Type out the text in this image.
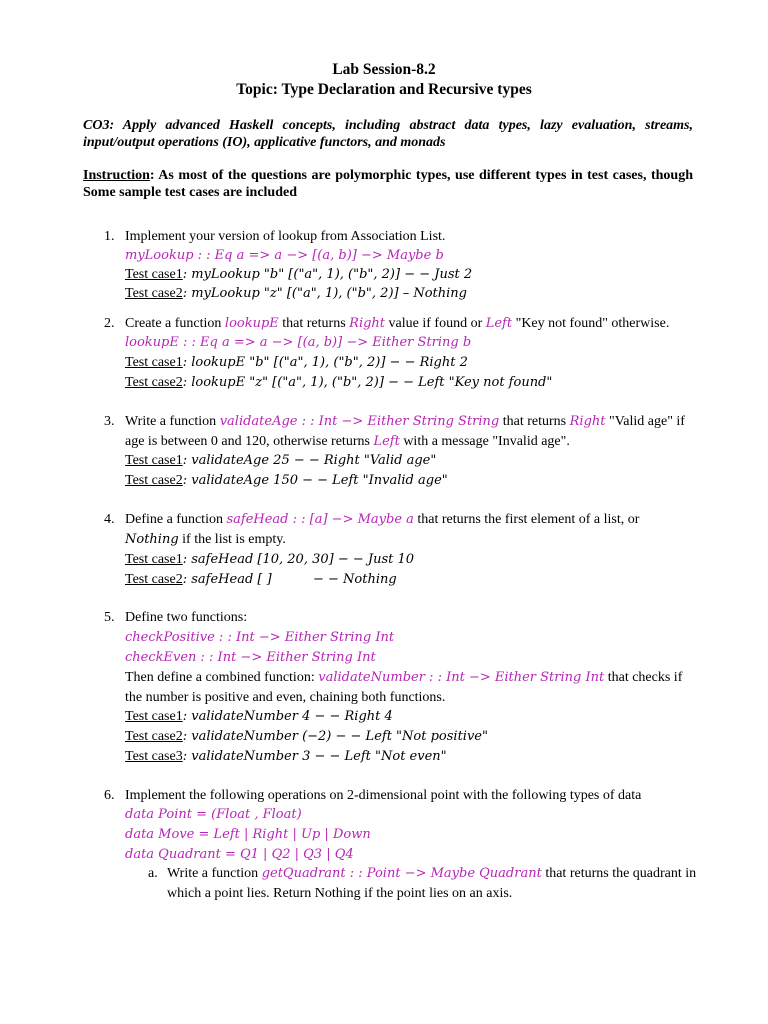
Lab Session-8.2
Topic: Type Declaration and Recursive types
CO3: Apply advanced Haskell concepts, including abstract data types, lazy evaluation, streams, input/output operations (IO), applicative functors, and monads
Instruction: As most of the questions are polymorphic types, use different types in test cases, though Some sample test cases are included
1. Implement your version of lookup from Association List.
myLookup : : Eq a => a −> [(a, b)] −> Maybe b
Test case1: myLookup "b" [("a", 1), ("b", 2)] − − Just 2
Test case2: myLookup "z" [("a", 1), ("b", 2)] – Nothing
2. Create a function lookupE that returns Right value if found or Left "Key not found" otherwise.
lookupE : : Eq a => a −> [(a, b)] −> Either String b
Test case1: lookupE "b" [("a", 1), ("b", 2)] − − Right 2
Test case2: lookupE "z" [("a", 1), ("b", 2)] − − Left "Key not found"
3. Write a function validateAge : : Int −> Either String String that returns Right "Valid age" if
age is between 0 and 120, otherwise returns Left with a message "Invalid age".
Test case1: validateAge 25 − − Right "Valid age"
Test case2: validateAge 150 − − Left "Invalid age"
4. Define a function safeHead : : [a] −> Maybe a that returns the first element of a list, or
Nothing if the list is empty.
Test case1: safeHead [10, 20, 30] − − Just 10
Test case2: safeHead [ ]          − − Nothing
5. Define two functions:
checkPositive : : Int −> Either String Int
checkEven : : Int −> Either String Int
Then define a combined function: validateNumber : : Int −> Either String Int that checks if
the number is positive and even, chaining both functions.
Test case1: validateNumber 4 − − Right 4
Test case2: validateNumber (−2) − − Left "Not positive"
Test case3: validateNumber 3 − − Left "Not even"
6. Implement the following operations on 2-dimensional point with the following types of data
data Point = (Float , Float)
data Move = Left | Right | Up | Down
data Quadrant = Q1 | Q2 | Q3 | Q4
a. Write a function getQuadrant : : Point −> Maybe Quadrant that returns the quadrant in
which a point lies. Return Nothing if the point lies on an axis.
